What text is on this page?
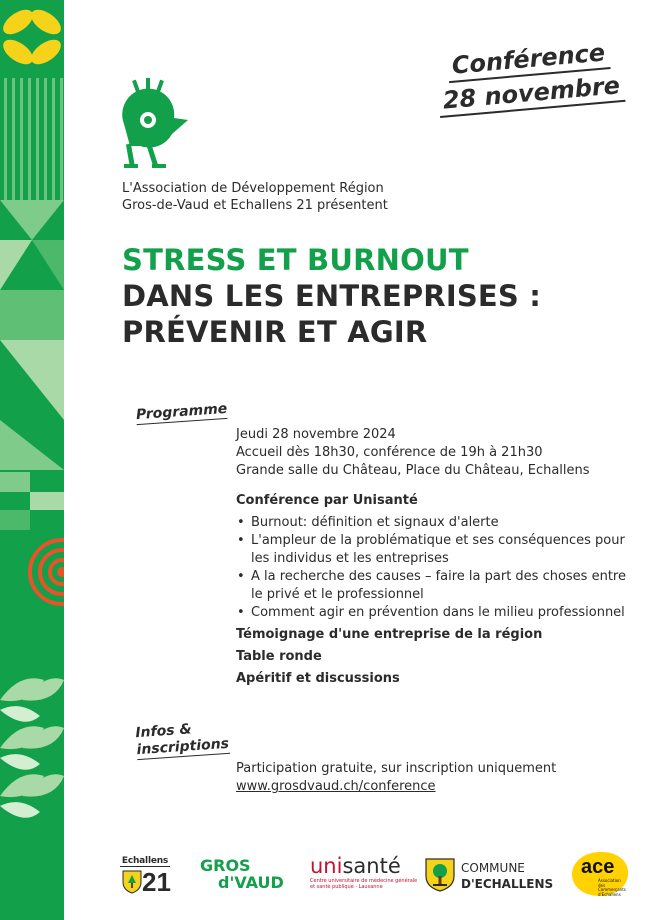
Conférence
28 novembre
L'Association de Développement Région
Gros-de-Vaud et Echallens 21 présentent
STRESS ET BURNOUT
DANS LES ENTREPRISES :
PRÉVENIR ET AGIR
Programme
Jeudi 28 novembre 2024
Accueil dès 18h30, conférence de 19h à 21h30
Grande salle du Château, Place du Château, Echallens
Conférence par Unisanté
• Burnout: définition et signaux d'alerte
• L'ampleur de la problématique et ses conséquences pour les individus et les entreprises
• A la recherche des causes – faire la part des choses entre le privé et le professionnel
• Comment agir en prévention dans le milieu professionnel
Témoignage d'une entreprise de la région
Table ronde
Apéritif et discussions
Infos &
inscriptions
Participation gratuite, sur inscription uniquement
www.grosdvaud.ch/conference
Echallens
21
GROS
d'VAUD
unisanté
Centre universitaire de médecine générale et santé publique · Lausanne
COMMUNE
D'ECHALLENS
ace
Association des Commerçants d'Echallens
